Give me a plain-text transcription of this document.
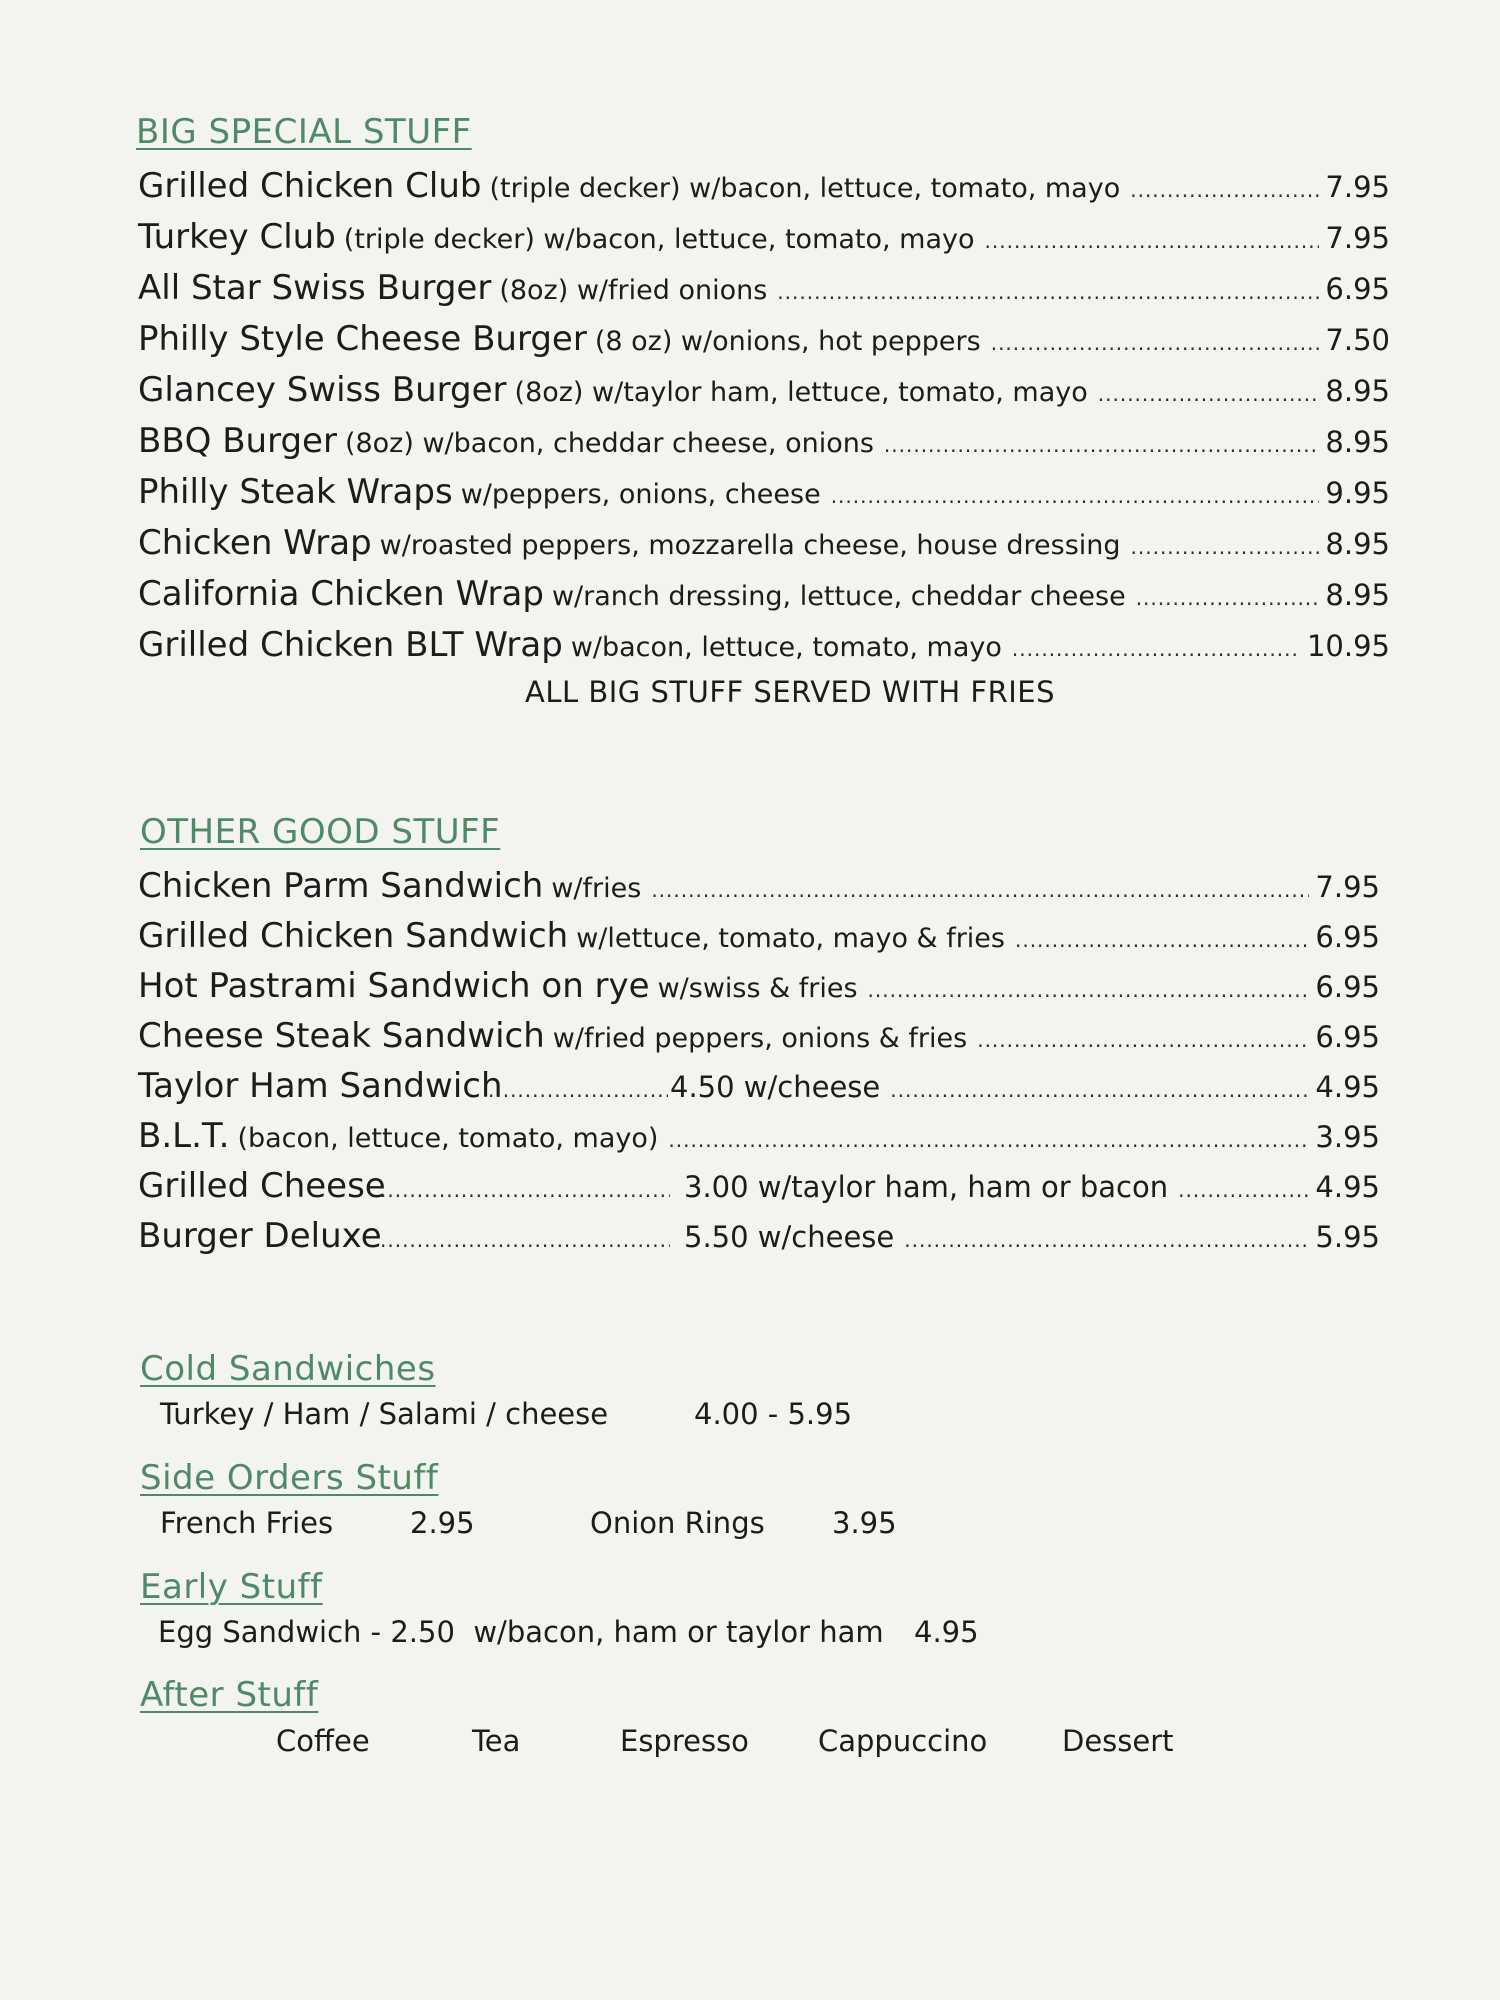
BIG SPECIAL STUFF
Grilled Chicken Club (triple decker) w/bacon, lettuce, tomato, mayo .....	7.95
Turkey Club (triple decker) w/bacon, lettuce, tomato, mayo .....	7.95
All Star Swiss Burger (8oz) w/fried onions .....	6.95
Philly Style Cheese Burger (8 oz) w/onions, hot peppers .....	7.50
Glancey Swiss Burger (8oz) w/taylor ham, lettuce, tomato, mayo .....	8.95
BBQ Burger (8oz) w/bacon, cheddar cheese, onions .....	8.95
Philly Steak Wraps w/peppers, onions, cheese .....	9.95
Chicken Wrap w/roasted peppers, mozzarella cheese, house dressing .....	8.95
California Chicken Wrap w/ranch dressing, lettuce, cheddar cheese .....	8.95
Grilled Chicken BLT Wrap w/bacon, lettuce, tomato, mayo .....	10.95
ALL BIG STUFF SERVED WITH FRIES
OTHER GOOD STUFF
Chicken Parm Sandwich w/fries .....	7.95
Grilled Chicken Sandwich w/lettuce, tomato, mayo & fries .....	6.95
Hot Pastrami Sandwich on rye w/swiss & fries .....	6.95
Cheese Steak Sandwich w/fried peppers, onions & fries .....	6.95
Taylor Ham Sandwich .....	4.50 w/cheese .....	4.95
B.L.T. (bacon, lettuce, tomato, mayo) .....	3.95
Grilled Cheese .....	3.00 w/taylor ham, ham or bacon .....	4.95
Burger Deluxe .....	5.50 w/cheese .....	5.95
Cold Sandwiches
Turkey / Ham / Salami / cheese	4.00 - 5.95
Side Orders Stuff
French Fries	2.95	Onion Rings 3.95
Early Stuff
Egg Sandwich - 2.50  w/bacon, ham or taylor ham 4.95
After Stuff
Coffee	Tea	Espresso Cappuccino	Dessert
